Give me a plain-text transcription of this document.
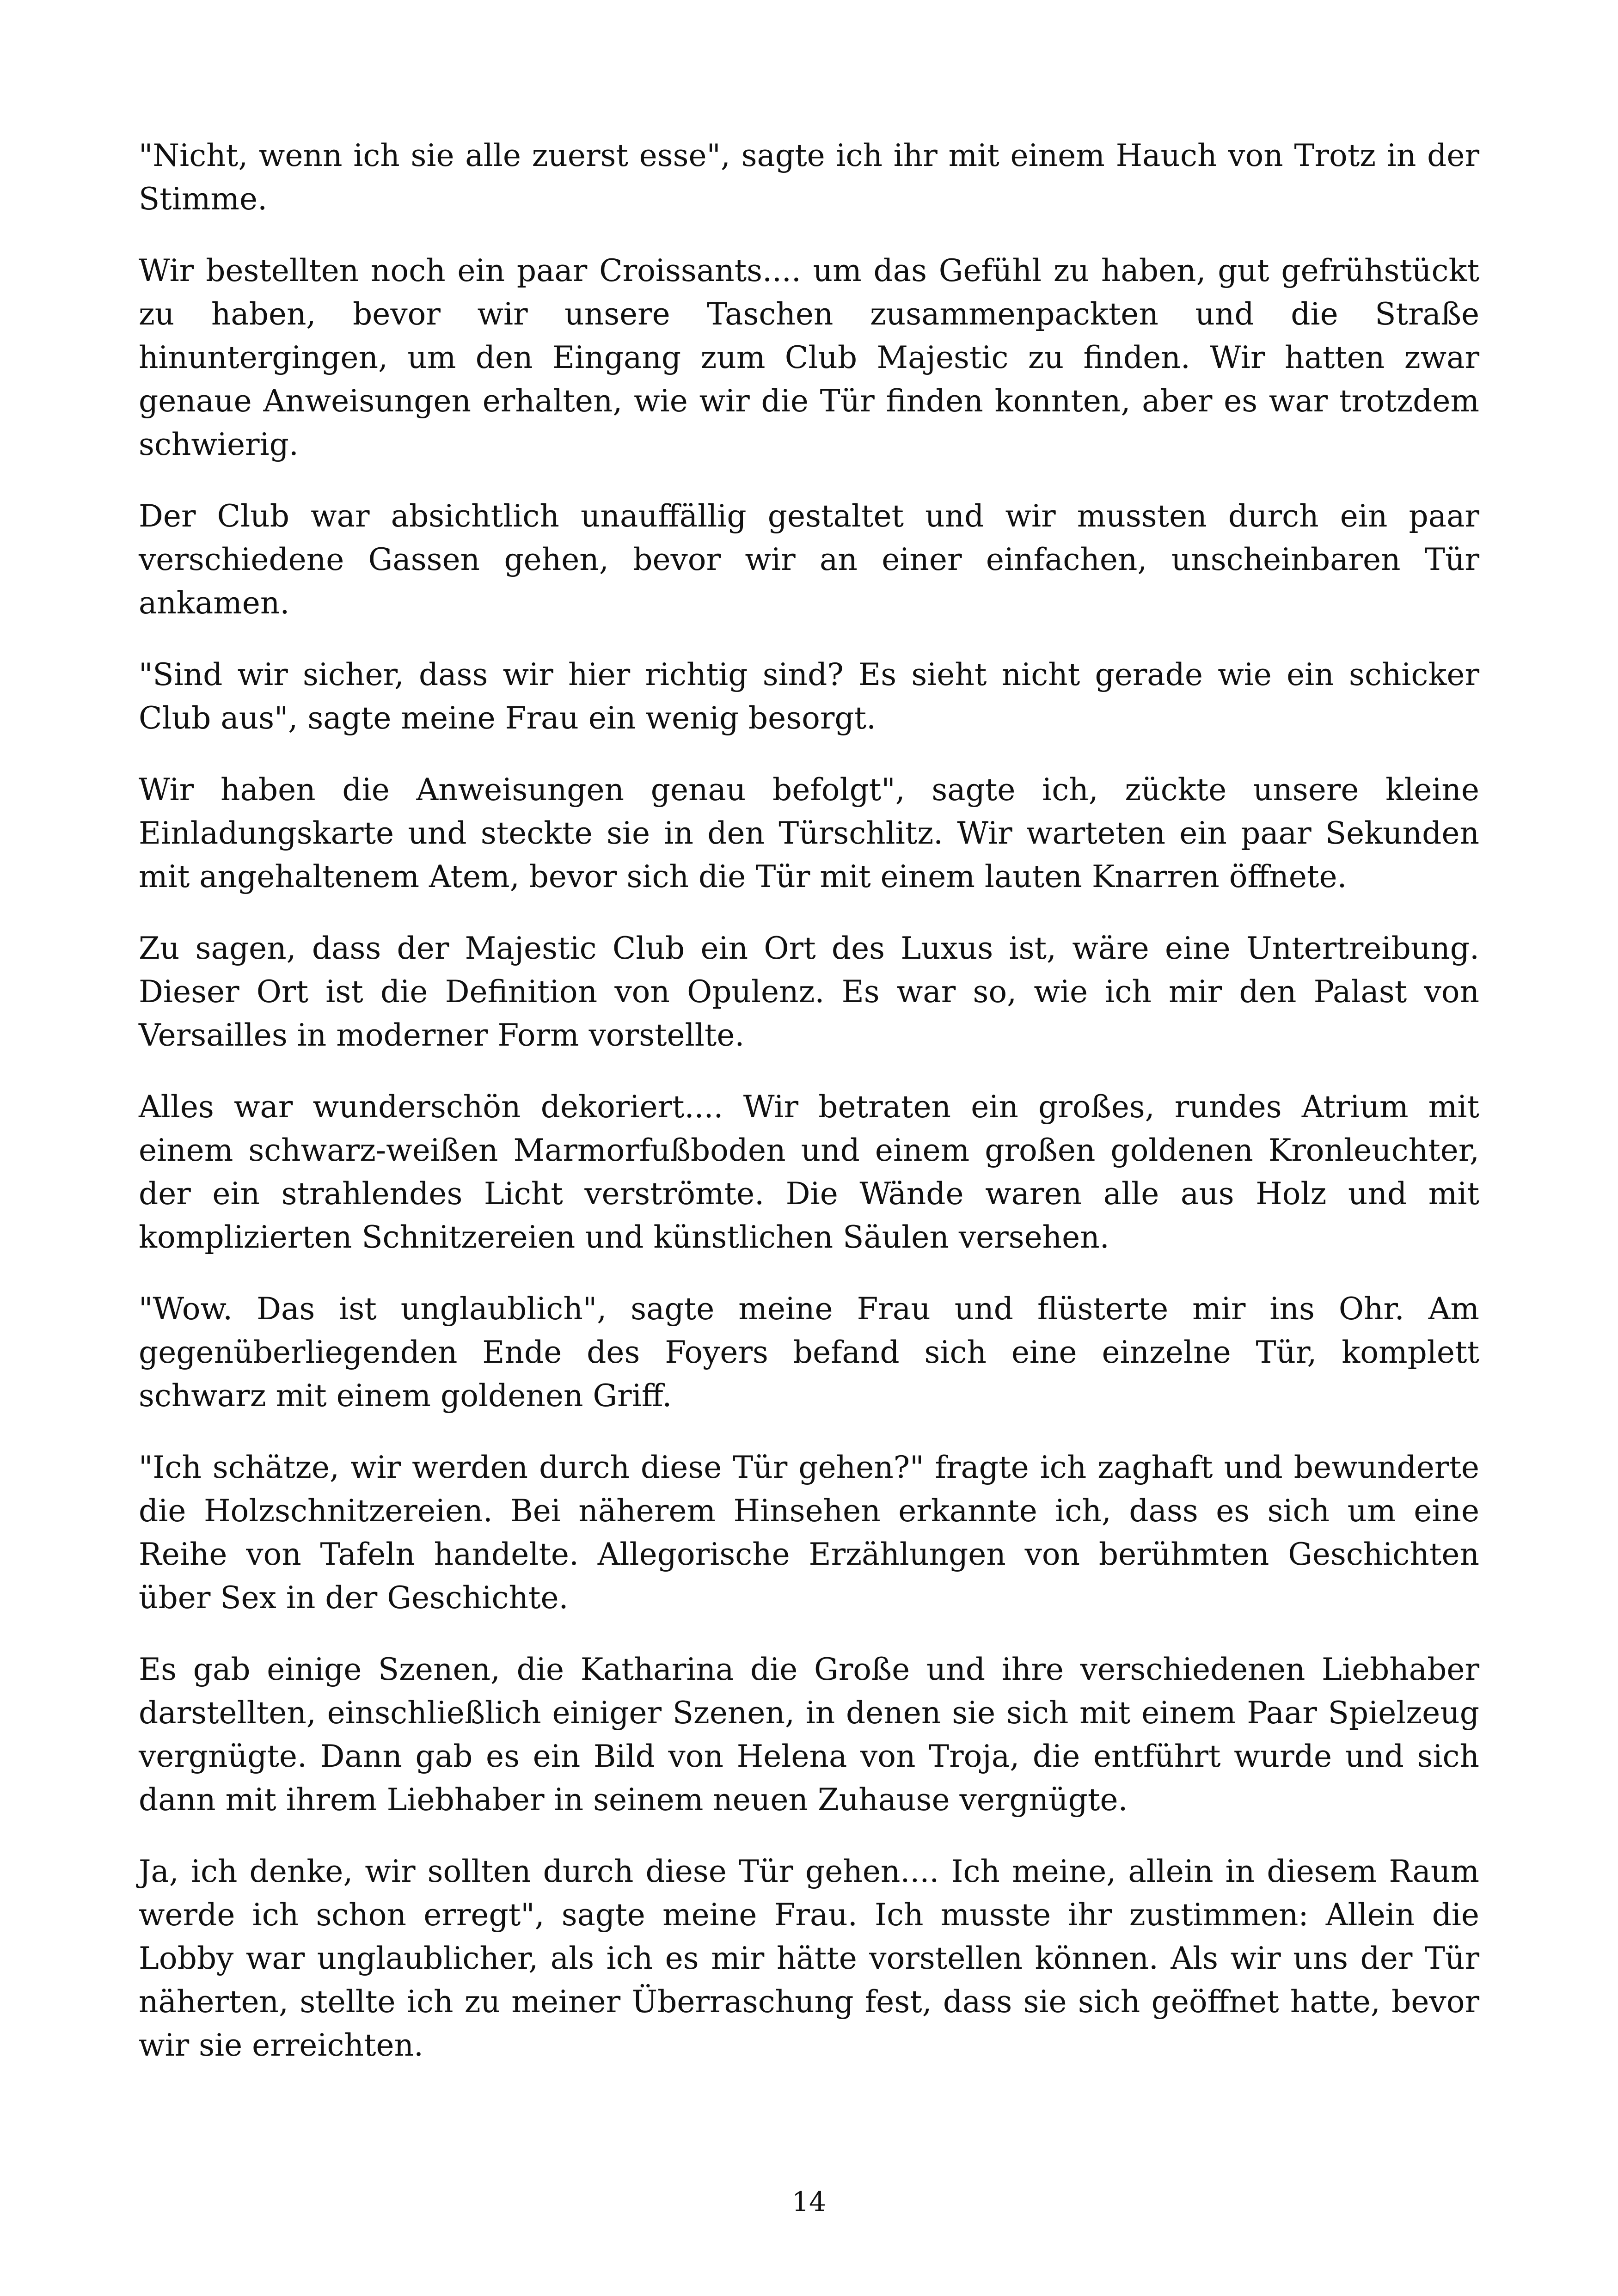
"Nicht, wenn ich sie alle zuerst esse", sagte ich ihr mit einem Hauch von Trotz in der Stimme.

Wir bestellten noch ein paar Croissants.... um das Gefühl zu haben, gut gefrühstückt zu haben, bevor wir unsere Taschen zusammenpackten und die Straße hinuntergingen, um den Eingang zum Club Majestic zu finden. Wir hatten zwar genaue Anweisungen erhalten, wie wir die Tür finden konnten, aber es war trotzdem schwierig.

Der Club war absichtlich unauffällig gestaltet und wir mussten durch ein paar verschiedene Gassen gehen, bevor wir an einer einfachen, unscheinbaren Tür ankamen.

"Sind wir sicher, dass wir hier richtig sind? Es sieht nicht gerade wie ein schicker Club aus", sagte meine Frau ein wenig besorgt.

Wir haben die Anweisungen genau befolgt", sagte ich, zückte unsere kleine Einladungskarte und steckte sie in den Türschlitz. Wir warteten ein paar Sekunden mit angehaltenem Atem, bevor sich die Tür mit einem lauten Knarren öffnete.

Zu sagen, dass der Majestic Club ein Ort des Luxus ist, wäre eine Untertreibung. Dieser Ort ist die Definition von Opulenz. Es war so, wie ich mir den Palast von Versailles in moderner Form vorstellte.

Alles war wunderschön dekoriert.... Wir betraten ein großes, rundes Atrium mit einem schwarz-weißen Marmorfußboden und einem großen goldenen Kronleuchter, der ein strahlendes Licht verströmte. Die Wände waren alle aus Holz und mit komplizierten Schnitzereien und künstlichen Säulen versehen.

"Wow. Das ist unglaublich", sagte meine Frau und flüsterte mir ins Ohr. Am gegenüberliegenden Ende des Foyers befand sich eine einzelne Tür, komplett schwarz mit einem goldenen Griff.

"Ich schätze, wir werden durch diese Tür gehen?" fragte ich zaghaft und bewunderte die Holzschnitzereien. Bei näherem Hinsehen erkannte ich, dass es sich um eine Reihe von Tafeln handelte. Allegorische Erzählungen von berühmten Geschichten über Sex in der Geschichte.

Es gab einige Szenen, die Katharina die Große und ihre verschiedenen Liebhaber darstellten, einschließlich einiger Szenen, in denen sie sich mit einem Paar Spielzeug vergnügte. Dann gab es ein Bild von Helena von Troja, die entführt wurde und sich dann mit ihrem Liebhaber in seinem neuen Zuhause vergnügte.

Ja, ich denke, wir sollten durch diese Tür gehen.... Ich meine, allein in diesem Raum werde ich schon erregt", sagte meine Frau. Ich musste ihr zustimmen: Allein die Lobby war unglaublicher, als ich es mir hätte vorstellen können. Als wir uns der Tür näherten, stellte ich zu meiner Überraschung fest, dass sie sich geöffnet hatte, bevor wir sie erreichten.

14
